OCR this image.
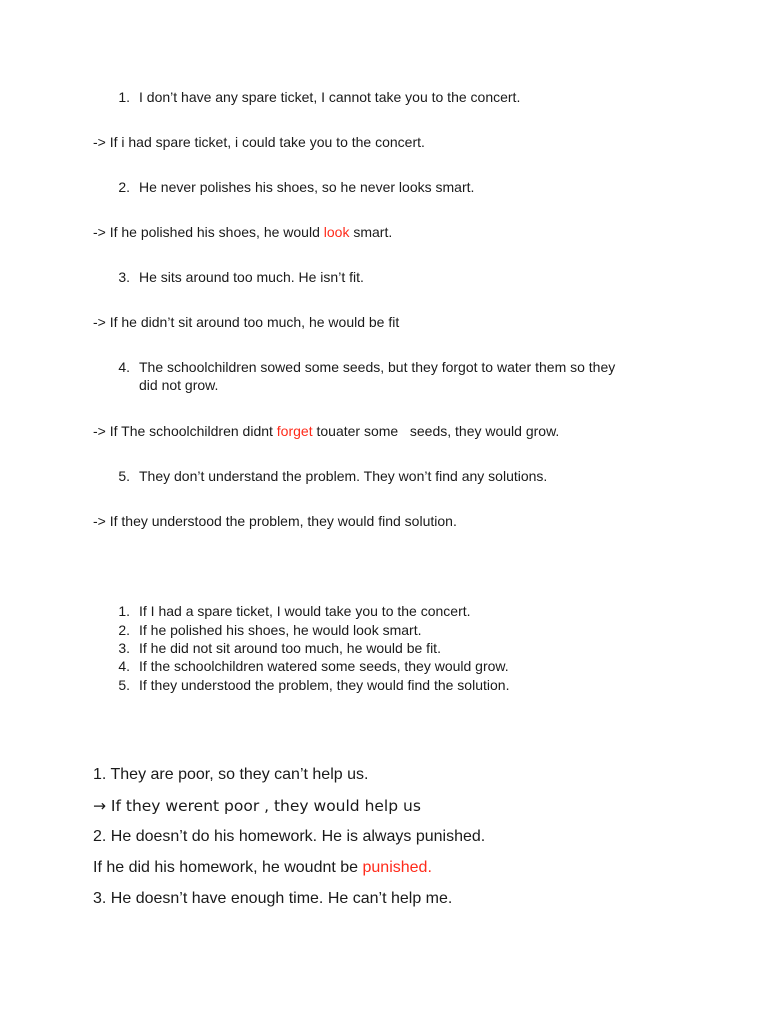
1. I don’t have any spare ticket, I cannot take you to the concert.
-> If i had spare ticket, i could take you to the concert.
2. He never polishes his shoes, so he never looks smart.
-> If he polished his shoes, he would look smart.
3. He sits around too much. He isn’t fit.
-> If he didn’t sit around too much, he would be fit
4. The schoolchildren sowed some seeds, but they forgot to water them so they
did not grow.
-> If The schoolchildren didnt forget touater some   seeds, they would grow.
5. They don’t understand the problem. They won’t find any solutions.
-> If they understood the problem, they would find solution.
1. If I had a spare ticket, I would take you to the concert.
2. If he polished his shoes, he would look smart.
3. If he did not sit around too much, he would be fit.
4. If the schoolchildren watered some seeds, they would grow.
5. If they understood the problem, they would find the solution.
1. They are poor, so they can’t help us.
→ If they werent poor , they would help us
2. He doesn’t do his homework. He is always punished.
If he did his homework, he woudnt be punished.
3. He doesn’t have enough time. He can’t help me.
